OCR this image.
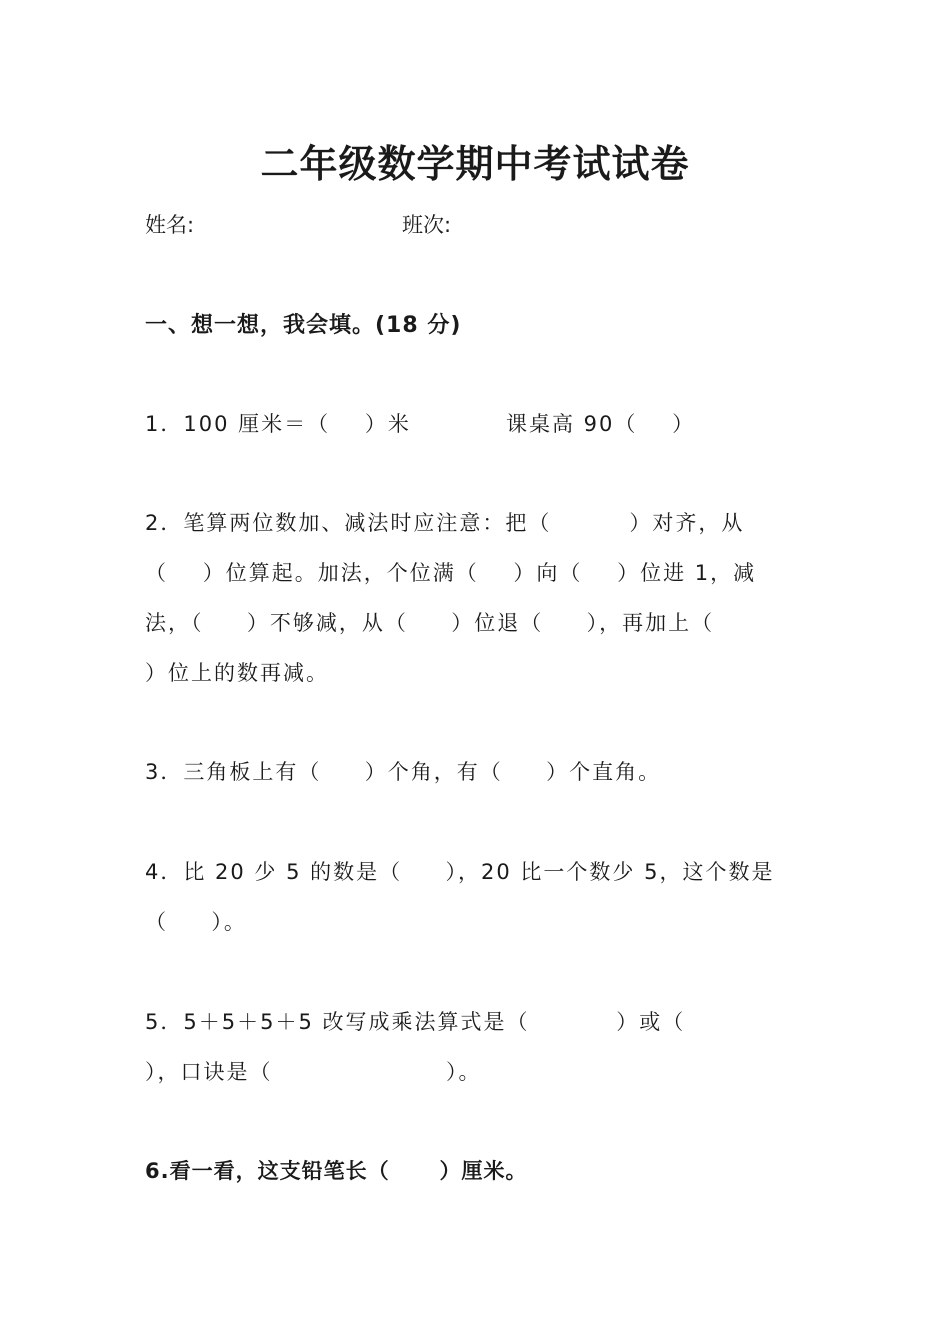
二年级数学期中考试试卷
姓名:	班次:
一、想一想，我会填。(18 分)
1．100 厘米＝（    ）米	课桌高 90（    ）
2．笔算两位数加、减法时应注意：把（         ）对齐，从
（    ）位算起。加法，个位满（    ）向（    ）位进 1，减
法，（     ）不够减，从（     ）位退（     ），再加上（
）位上的数再减。
3．三角板上有（     ）个角，有（     ）个直角。
4．比 20 少 5 的数是（     ），20 比一个数少 5，这个数是
（     ）。
5．5＋5＋5＋5 改写成乘法算式是（          ）或（
），口诀是（                    ）。
6.看一看，这支铅笔长（      ）厘米。
